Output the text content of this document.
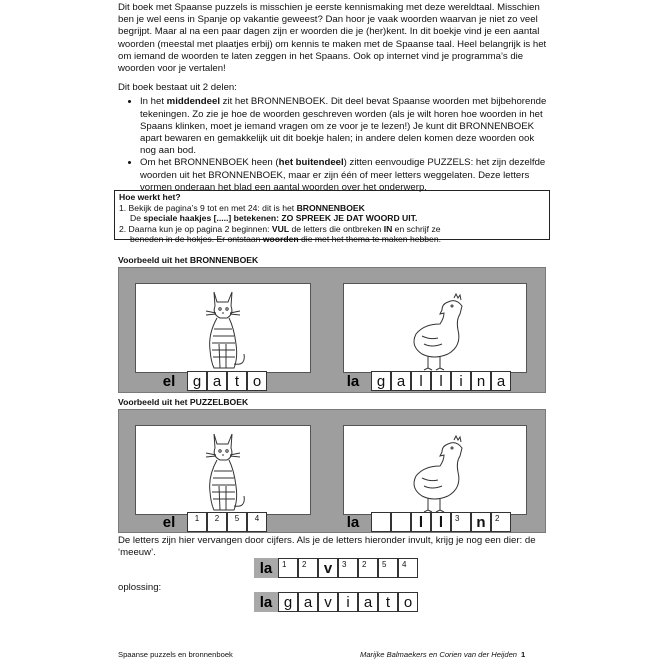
Dit boek met Spaanse puzzels is misschien je eerste kennismaking met deze wereldtaal. Misschien ben je wel eens in Spanje op vakantie geweest? Dan hoor je vaak woorden waarvan je niet zo veel begrijpt. Maar al na een paar dagen zijn er woorden die je (her)kent. In dit boekje vind je een aantal woorden (meestal met plaatjes erbij) om kennis te maken met de Spaanse taal. Heel belangrijk is het om iemand de woorden te laten zeggen in het Spaans. Ook op internet vind je programma’s die woorden voor je vertalen!

Dit boek bestaat uit 2 delen:
• In het middendeel zit het BRONNENBOEK. Dit deel bevat Spaanse woorden met bijbehorende tekeningen. Zo zie je hoe de woorden geschreven worden (als je wilt horen hoe woorden in het Spaans klinken, moet je iemand vragen om ze voor je te lezen!) Je kunt dit BRONNENBOEK apart bewaren en gemakkelijk uit dit boekje halen; in andere delen komen deze woorden ook nog aan bod.
• Om het BRONNENBOEK heen (het buitendeel) zitten eenvoudige PUZZELS: het zijn dezelfde woorden uit het BRONNENBOEK, maar er zijn één of meer letters weggelaten. Deze letters vormen onderaan het blad een aantal woorden over het onderwerp.
Hoe werkt het?
1. Bekijk de pagina’s 9 tot en met 24: dit is het BRONNENBOEK
De speciale haakjes [.....] betekenen: ZO SPREEK JE DAT WOORD UIT.
2. Daarna kun je op pagina 2 beginnen: VUL de letters die ontbreken IN en schrijf ze
beneden in de hokjes. Er ontstaan woorden die met het thema te maken hebben.
Voorbeeld uit het BRONNENBOEK
el	g a t o	la	g a l	l	i n a
Voorbeeld uit het PUZZELBOEK
el	1	2	5	4	la	l	l	3	n	2
De letters zijn hier vervangen door cijfers. Als je de letters hieronder invult, krijg je nog een dier: de ‘meeuw’.
la	1	2	v	3	2	5	4
oplossing:
la g a v i a t o
Spaanse puzzels en bronnenboek	Marijke Balmaekers en Corien van der Heijden 1
